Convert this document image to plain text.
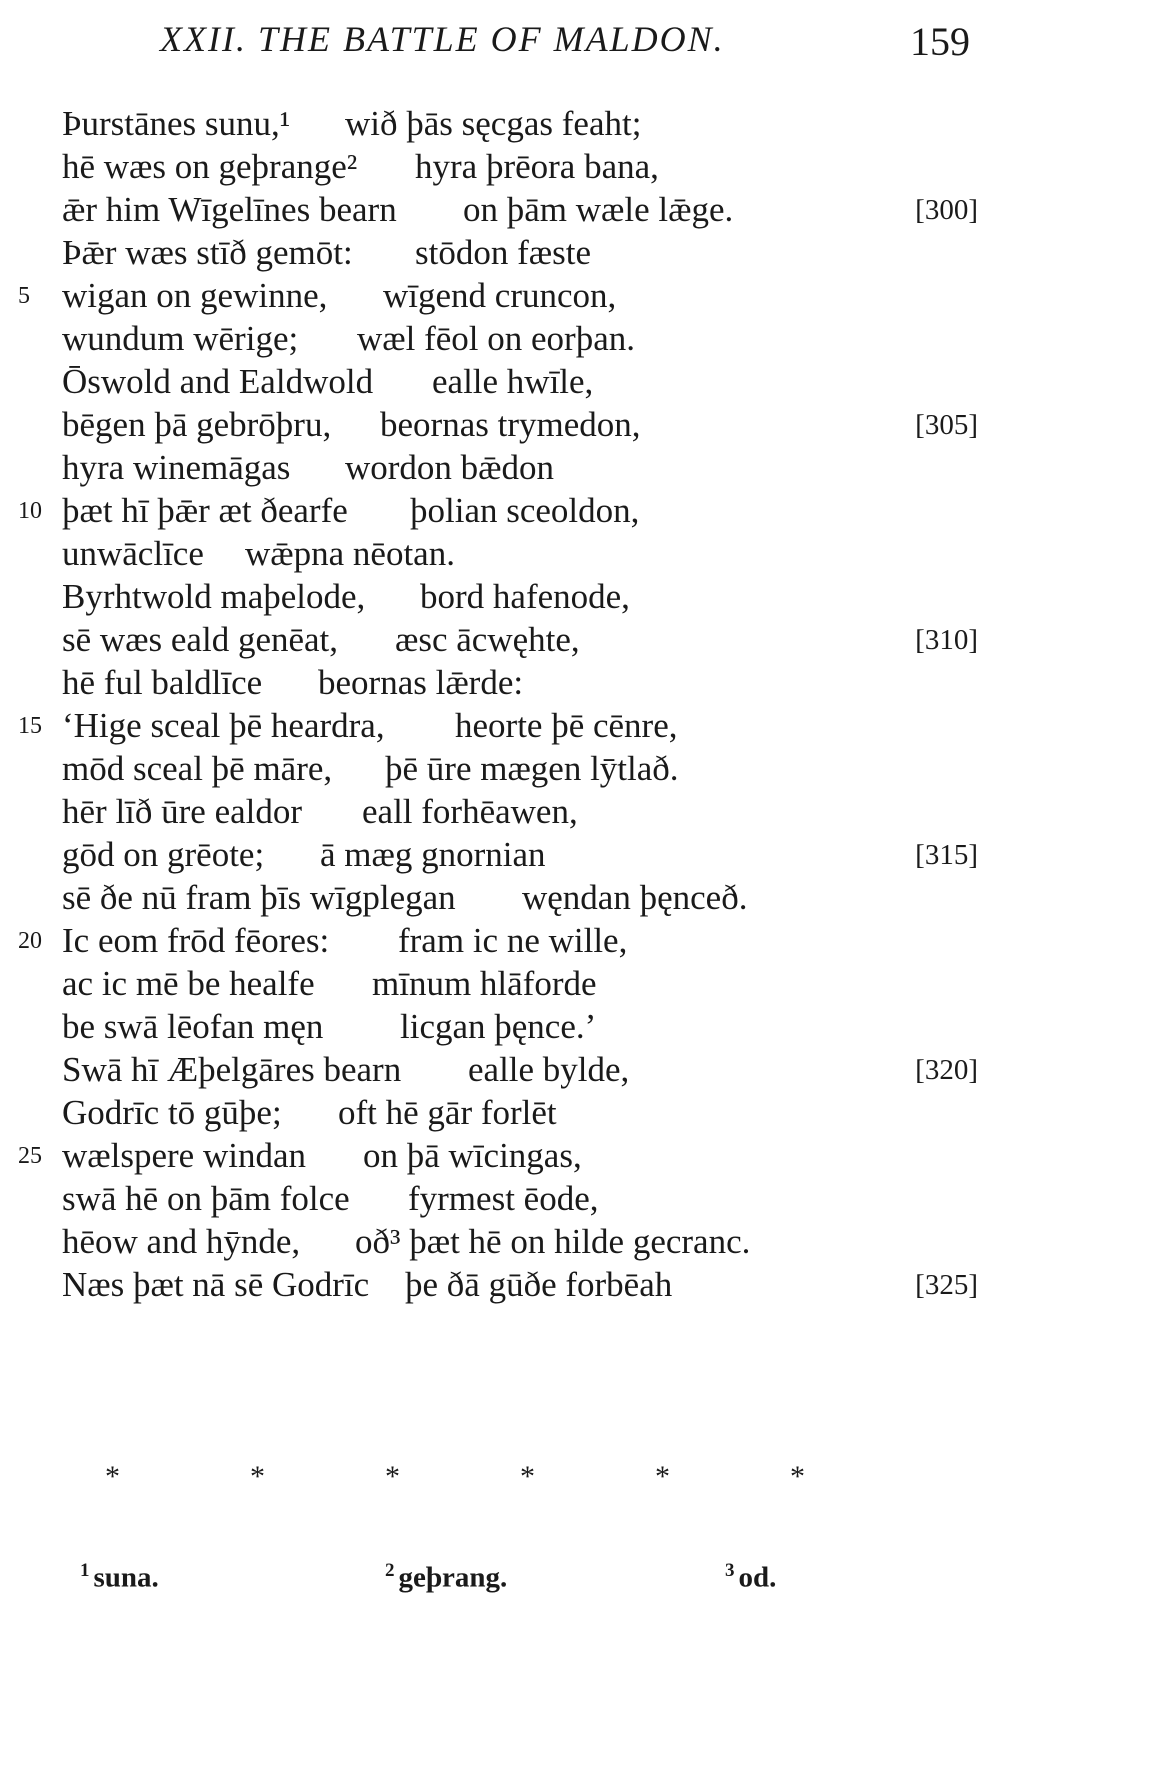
XXII. THE BATTLE OF MALDON.	159
Þurstānes sunu,¹ wið þās sęcgas feaht;
hē wæs on geþrange² hyra þrēora bana,
ǣr him Wīgelīnes bearn on þām wæle lǣge.	[300]
Þǣr wæs stīð gemōt: stōdon fæste
5 wigan on gewinne, wīgend cruncon,
wundum wērige; wæl fēol on eorþan.
Ōswold and Ealdwold ealle hwīle,
bēgen þā gebrōþru, beornas trymedon,	[305]
hyra winemāgas wordon bǣdon
10 þæt hī þǣr æt ðearfe þolian sceoldon,
unwāclīce wǣpna nēotan.
Byrhtwold maþelode, bord hafenode,
sē wæs eald genēat, æsc ācwęhte,	[310]
hē ful baldlīce beornas lǣrde:
15 ‘Hige sceal þē heardra, heorte þē cēnre,
mōd sceal þē māre, þē ūre mægen lȳtlað.
hēr līð ūre ealdor eall forhēawen,
gōd on grēote; ā mæg gnornian	[315]
sē ðe nū fram þīs wīgplegan węndan þęnceð.
20 Ic eom frōd fēores: fram ic ne wille,
ac ic mē be healfe mīnum hlāforde
be swā lēofan męn licgan þęnce.’
Swā hī Æþelgāres bearn ealle bylde,	[320]
Godrīc tō gūþe; oft hē gār forlēt
25 wælspere windan on þā wīcingas,
swā hē on þām folce fyrmest ēode,
hēow and hȳnde, oð³ þæt hē on hilde gecranc.
Næs þæt nā sē Godrīc þe ðā gūðe forbēah	[325]
*	*	*	*	*	*
$^1$ suna.	$^2$ geþrang.	$^3$ od.
